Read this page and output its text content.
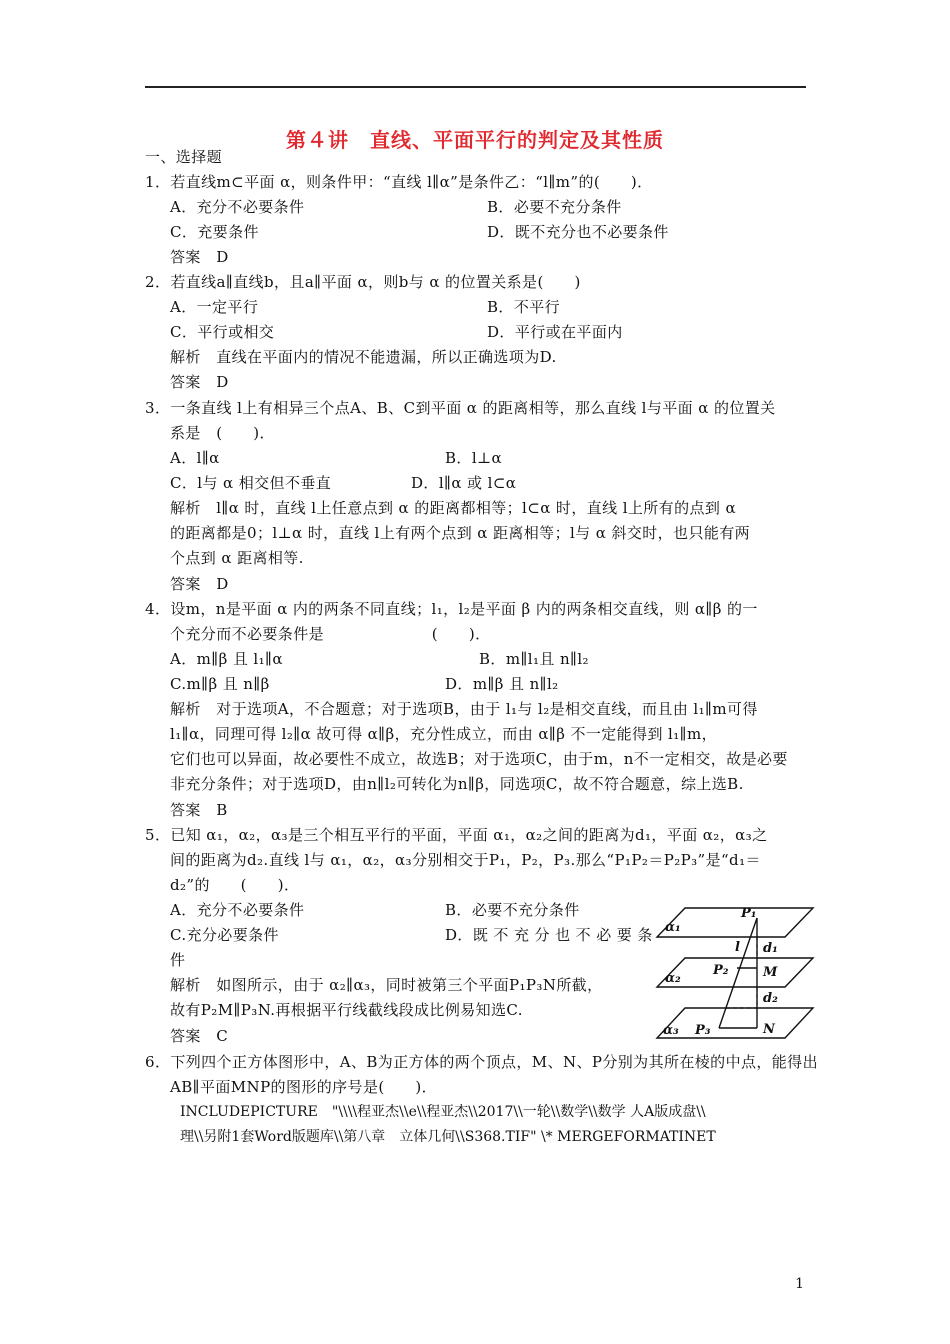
第４讲　直线、平面平行的判定及其性质
一、选择题
1．若直线m⊂平面 α，则条件甲：“直线 l∥α”是条件乙：“l∥m”的(　　)．
A．充分不必要条件	B．必要不充分条件
C．充要条件	D．既不充分也不必要条件
答案　D
2．若直线a∥直线b，且a∥平面 α，则b与 α 的位置关系是(　　)
A．一定平行	B．不平行
C．平行或相交	D．平行或在平面内
解析　直线在平面内的情况不能遗漏，所以正确选项为D.
答案　D
3．一条直线 l上有相异三个点A、B、C到平面 α 的距离相等，那么直线 l与平面 α 的位置关
系是　(　　)．
A．l∥α	B．l⊥α
C．l与 α 相交但不垂直	D．l∥α 或 l⊂α
解析　l∥α 时，直线 l上任意点到 α 的距离都相等；l⊂α 时，直线 l上所有的点到 α
的距离都是0；l⊥α 时，直线 l上有两个点到 α 距离相等；l与 α 斜交时，也只能有两
个点到 α 距离相等.
答案　D
4．设m，n是平面 α 内的两条不同直线；l₁，l₂是平面 β 内的两条相交直线，则 α∥β 的一
个充分而不必要条件是　　　　　　　(　　)．
A．m∥β 且 l₁∥α	B．m∥l₁且 n∥l₂
C.m∥β 且 n∥β	D．m∥β 且 n∥l₂
解析　对于选项A，不合题意；对于选项B，由于 l₁与 l₂是相交直线，而且由 l₁∥m可得
l₁∥α，同理可得 l₂∥α 故可得 α∥β，充分性成立，而由 α∥β 不一定能得到 l₁∥m，
它们也可以异面，故必要性不成立，故选B；对于选项C，由于m，n不一定相交，故是必要
非充分条件；对于选项D，由n∥l₂可转化为n∥β，同选项C，故不符合题意，综上选B.
答案　B
5．已知 α₁，α₂，α₃是三个相互平行的平面，平面 α₁，α₂之间的距离为d₁，平面 α₂，α₃之
间的距离为d₂.直线 l与 α₁，α₂，α₃分别相交于P₁，P₂，P₃.那么“P₁P₂＝P₂P₃”是“d₁＝
d₂”的　　(　　)．
A．充分不必要条件	B．必要不充分条件
C.充分必要条件	D．既 不 充 分 也 不 必 要 条
件
解析　如图所示，由于 α₂∥α₃，同时被第三个平面P₁P₃N所截，
故有P₂M∥P₃N.再根据平行线截线段成比例易知选C.
答案　C
6．下列四个正方体图形中，A、B为正方体的两个顶点，M、N、P分别为其所在棱的中点，能得出
AB∥平面MNP的图形的序号是(　　)．
INCLUDEPICTURE　"\\\\程亚杰\\e\\程亚杰\\2017\\一轮\\数学\\数学 人A版成盘\\
理\\另附1套Word版题库\\第八章　立体几何\\S368.TIF" \* MERGEFORMATINET
P₁
α₁
l d₁
P₂	M
α₂
d₂
α₃ P₃	N
1
